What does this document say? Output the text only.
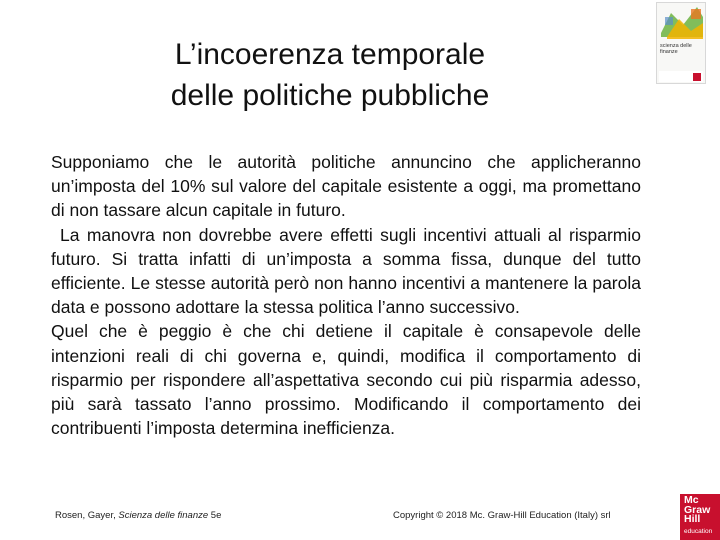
L’incoerenza temporale
delle politiche pubbliche

Supponiamo che le autorità politiche annuncino che applicheranno un’imposta del 10% sul valore del capitale esistente a oggi, ma promettano di non tassare alcun capitale in futuro.

La manovra non dovrebbe avere effetti sugli incentivi attuali al risparmio futuro. Si tratta infatti di un’imposta a somma fissa, dunque del tutto efficiente. Le stesse autorità però non hanno incentivi a mantenere la parola data e possono adottare la stessa politica l’anno successivo.

Quel che è peggio è che chi detiene il capitale è consapevole delle intenzioni reali di chi governa e, quindi, modifica il comportamento di risparmio per rispondere all’aspettativa secondo cui più risparmia adesso, più sarà tassato l’anno prossimo. Modificando il comportamento dei contribuenti l’imposta determina inefficienza.

Rosen, Gayer, Scienza delle finanze 5e	Copyright © 2018 Mc. Graw-Hill Education (Italy) srl
scienza delle finanze
Mc
Graw
Hill
education
